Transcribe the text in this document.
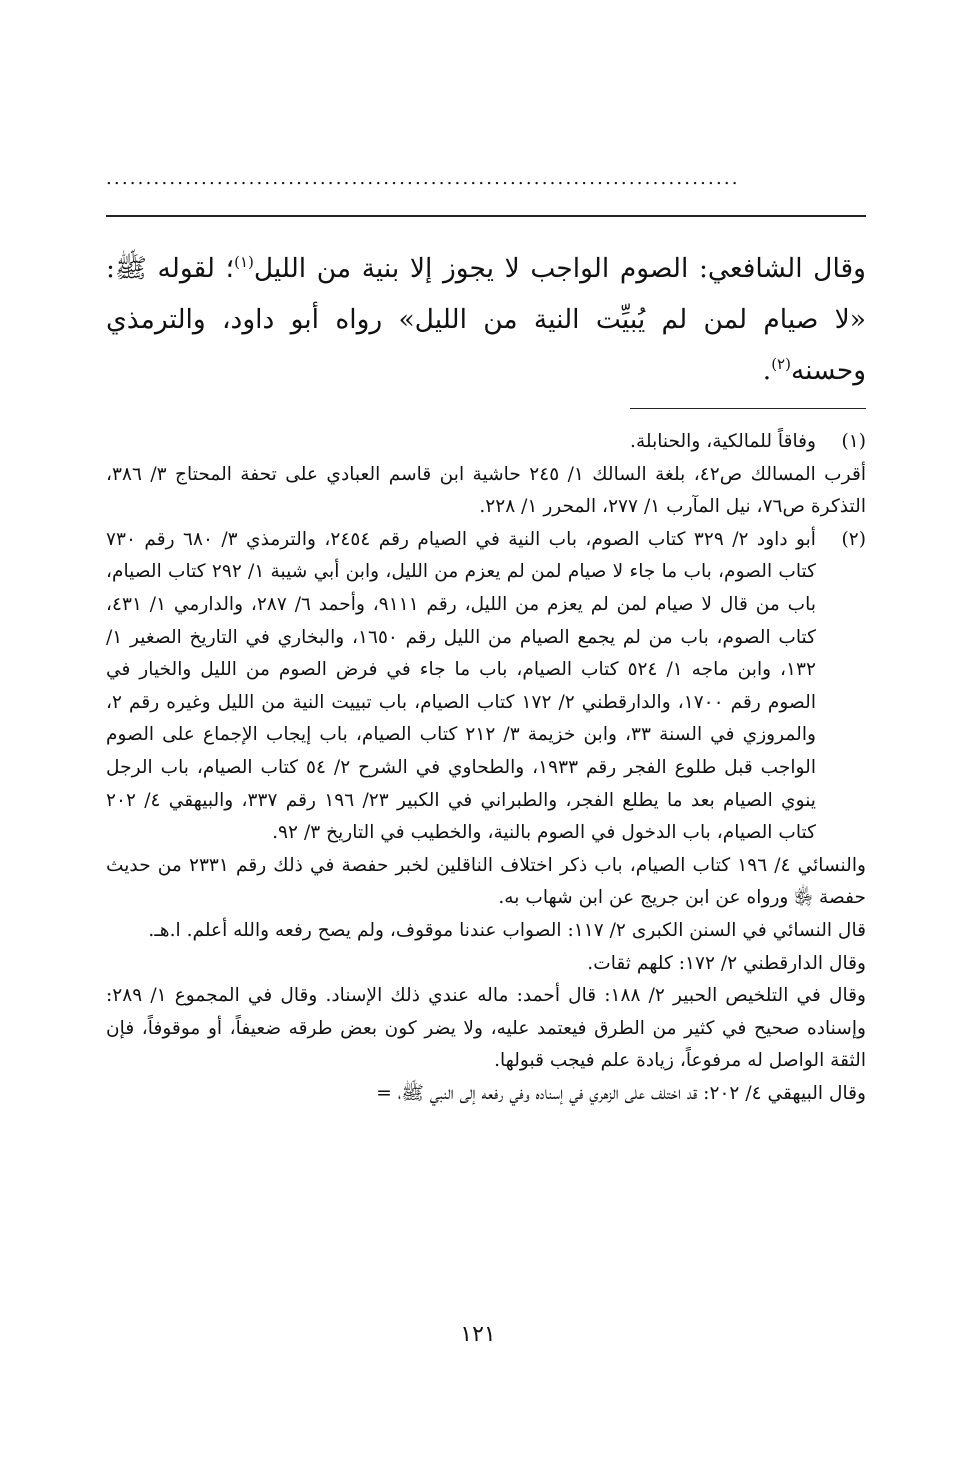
................................................................................

وقال الشافعي: الصوم الواجب لا يجوز إلا بنية من الليل$^{(١)}$؛ لقوله ﷺ: «لا صيام لمن لم يُبيِّت النية من الليل» رواه أبو داود، والترمذي وحسنه$^{(٢)}$.

(١)

وفاقاً للمالكية، والحنابلة.

أقرب المسالك ص٤٢، بلغة السالك ١/ ٢٤٥ حاشية ابن قاسم العبادي على تحفة المحتاج ٣/ ٣٨٦، التذكرة ص٧٦، نيل المآرب ١/ ٢٧٧، المحرر ١/ ٢٢٨.

(٢)

أبو داود ٢/ ٣٢٩ كتاب الصوم، باب النية في الصيام رقم ٢٤٥٤، والترمذي ٣/ ٦٨٠ رقم ٧٣٠ كتاب الصوم، باب ما جاء لا صيام لمن لم يعزم من الليل، وابن أبي شيبة ١/ ٢٩٢ كتاب الصيام، باب من قال لا صيام لمن لم يعزم من الليل، رقم ٩١١١، وأحمد ٦/ ٢٨٧، والدارمي ١/ ٤٣١، كتاب الصوم، باب من لم يجمع الصيام من الليل رقم ١٦٥٠، والبخاري في التاريخ الصغير ١/ ١٣٢، وابن ماجه ١/ ٥٢٤ كتاب الصيام، باب ما جاء في فرض الصوم من الليل والخيار في الصوم رقم ١٧٠٠، والدارقطني ٢/ ١٧٢ كتاب الصيام، باب تبييت النية من الليل وغيره رقم ٢، والمروزي في السنة ٣٣، وابن خزيمة ٣/ ٢١٢ كتاب الصيام، باب إيجاب الإجماع على الصوم الواجب قبل طلوع الفجر رقم ١٩٣٣، والطحاوي في الشرح ٢/ ٥٤ كتاب الصيام، باب الرجل ينوي الصيام بعد ما يطلع الفجر، والطبراني في الكبير ٢٣/ ١٩٦ رقم ٣٣٧، والبيهقي ٤/ ٢٠٢ كتاب الصيام، باب الدخول في الصوم بالنية، والخطيب في التاريخ ٣/ ٩٢.

والنسائي ٤/ ١٩٦ كتاب الصيام، باب ذكر اختلاف الناقلين لخبر حفصة في ذلك رقم ٢٣٣١ من حديث حفصة ﵂ ورواه عن ابن جريج عن ابن شهاب به.

قال النسائي في السنن الكبرى ٢/ ١١٧: الصواب عندنا موقوف، ولم يصح رفعه والله أعلم. ا.هـ.

وقال الدارقطني ٢/ ١٧٢: كلهم ثقات.

وقال في التلخيص الحبير ٢/ ١٨٨: قال أحمد: ماله عندي ذلك الإسناد. وقال في المجموع ١/ ٢٨٩: وإسناده صحيح في كثير من الطرق فيعتمد عليه، ولا يضر كون بعض طرقه ضعيفاً، أو موقوفاً، فإن الثقة الواصل له مرفوعاً، زيادة علم فيجب قبولها.

وقال البيهقي ٤/ ٢٠٢: قد اختلف على الزهري في إسناده وفي رفعه إلى النبي ﷺ، =

١٢١
